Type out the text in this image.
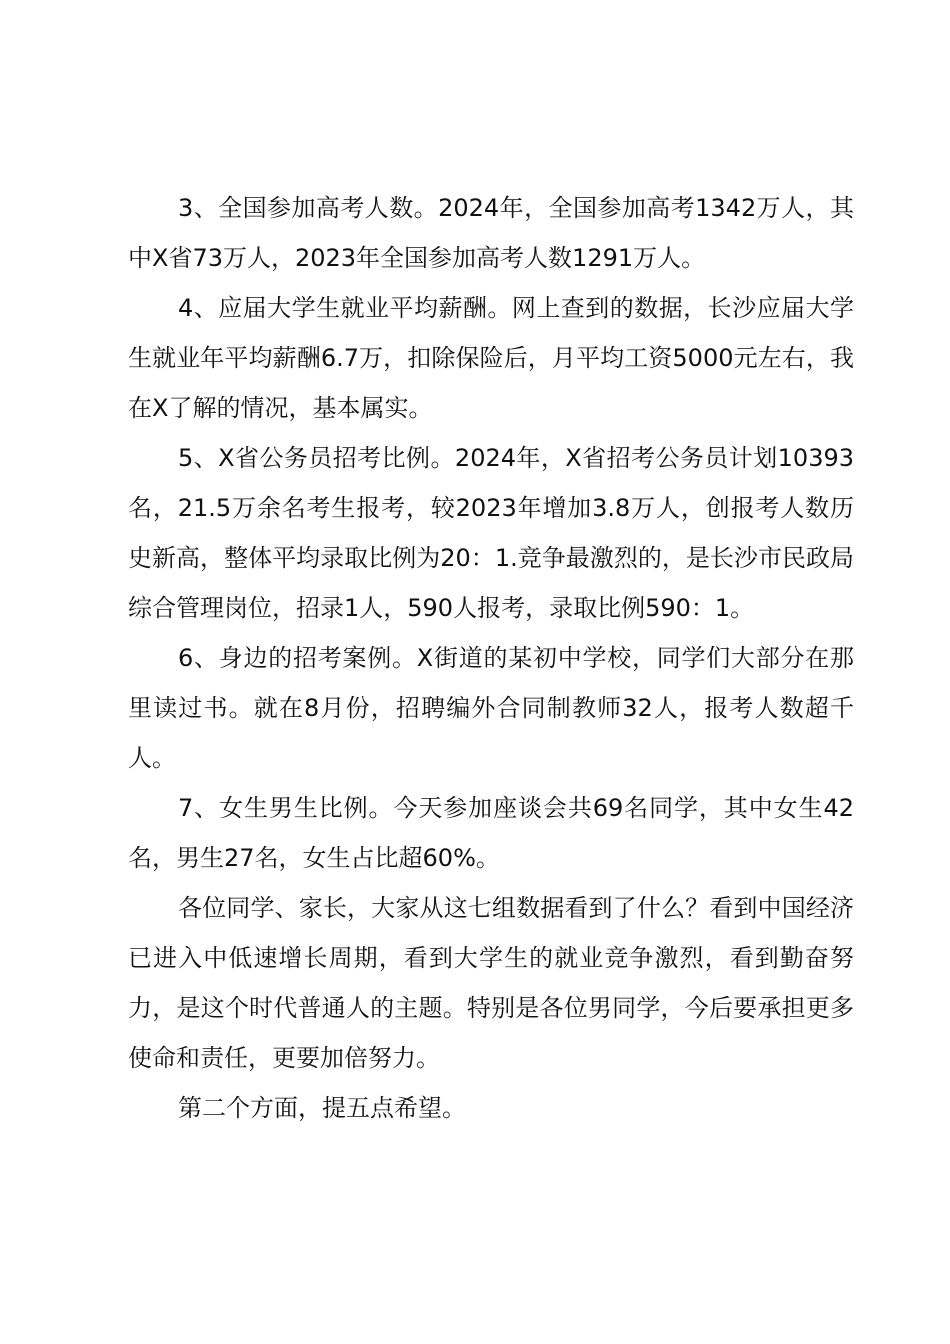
3、全国参加高考人数。2024年，全国参加高考1342万人，其中X省73万人，2023年全国参加高考人数1291万人。

4、应届大学生就业平均薪酬。网上查到的数据，长沙应届大学生就业年平均薪酬6.7万，扣除保险后，月平均工资5000元左右，我在X了解的情况，基本属实。

5、X省公务员招考比例。2024年，X省招考公务员计划10393名，21.5万余名考生报考，较2023年增加3.8万人，创报考人数历史新高，整体平均录取比例为20：1.竞争最激烈的，是长沙市民政局综合管理岗位，招录1人，590人报考，录取比例590：1。

6、身边的招考案例。X街道的某初中学校，同学们大部分在那里读过书。就在8月份，招聘编外合同制教师32人，报考人数超千人。

7、女生男生比例。今天参加座谈会共69名同学，其中女生42名，男生27名，女生占比超60%。

各位同学、家长，大家从这七组数据看到了什么？看到中国经济已进入中低速增长周期，看到大学生的就业竞争激烈，看到勤奋努力，是这个时代普通人的主题。特别是各位男同学，今后要承担更多使命和责任，更要加倍努力。

第二个方面，提五点希望。
